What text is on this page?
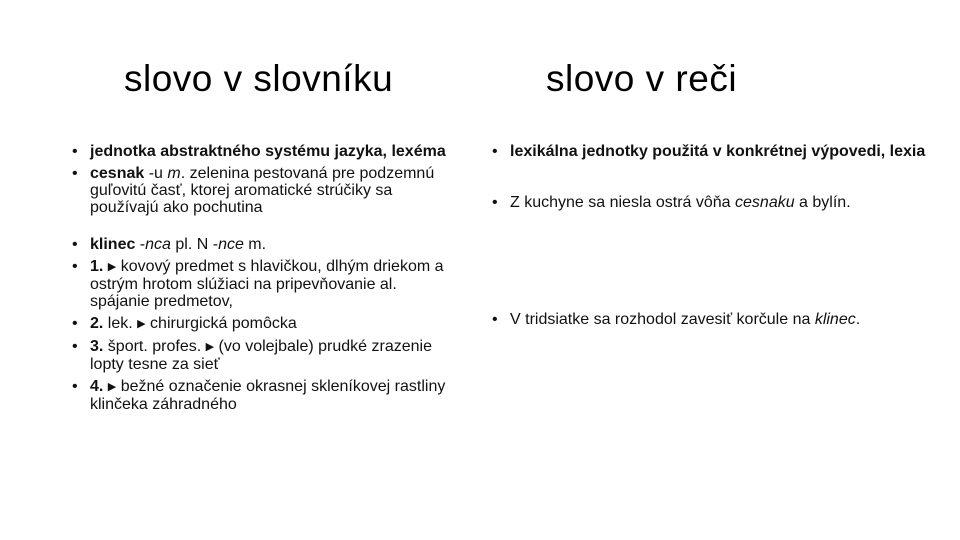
slovo v slovníku	slovo v reči
• jednotka abstraktného systému jazyka, lexéma
• cesnak -u m. zelenina pestovaná pre podzemnú guľovitú časť, ktorej aromatické strúčiky sa používajú ako pochutina
• klinec -nca pl. N -nce m.
• 1. ▶ kovový predmet s hlavičkou, dlhým driekom a ostrým hrotom slúžiaci na pripevňovanie al. spájanie predmetov,
• 2. lek. ▶ chirurgická pomôcka
• 3. šport. profes. ▶ (vo volejbale) prudké zrazenie lopty tesne za sieť
• 4. ▶ bežné označenie okrasnej skleníkovej rastliny klinčeka záhradného
• lexikálna jednotky použitá v konkrétnej výpovedi, lexia
• Z kuchyne sa niesla ostrá vôňa cesnaku a bylín.
• V tridsiatke sa rozhodol zavesiť korčule na klinec.
